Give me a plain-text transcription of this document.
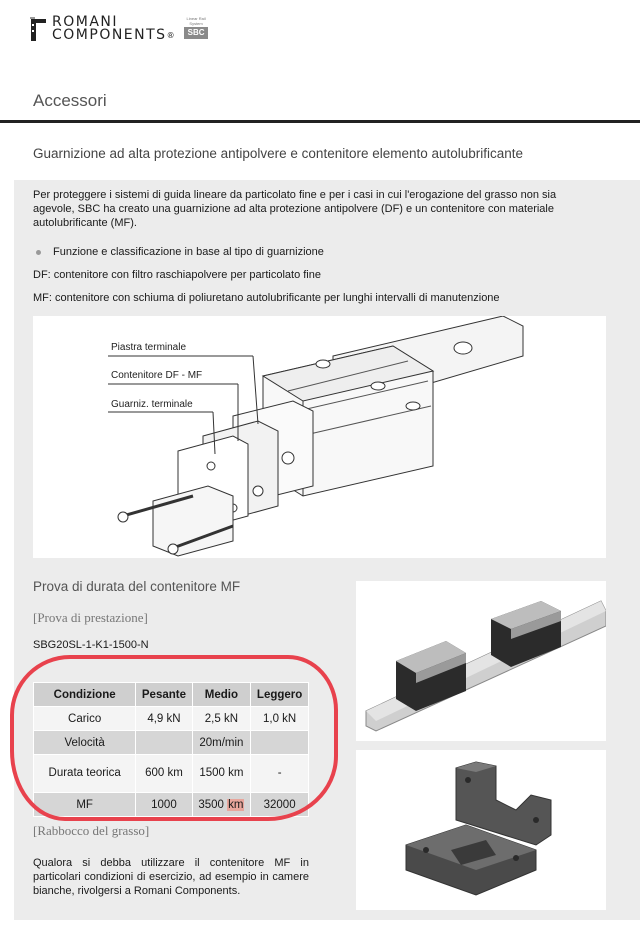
ROMANI
COMPONENTS®
Linear Rail System
SBC
Accessori
Guarnizione ad alta protezione antipolvere e contenitore elemento autolubrificante
Per proteggere i sistemi di guida lineare da particolato fine e per i casi in cui l'erogazione del grasso non sia agevole, SBC ha creato una guarnizione ad alta protezione antipolvere (DF) e un contenitore con materiale autolubrificante (MF).
Funzione e classificazione in base al tipo di guarnizione
DF: contenitore con filtro raschiapolvere per particolato fine
MF: contenitore con schiuma di poliuretano autolubrificante per lunghi intervalli di manutenzione
Piastra terminale
Contenitore DF - MF
Guarniz. terminale
Prova di durata del contenitore MF
[Prova di prestazione]
SBG20SL-1-K1-1500-N
Condizione	Pesante	Medio	Leggero
Carico	4,9 kN	2,5 kN	1,0 kN
Velocità		20m/min	
Durata teorica	600 km	1500 km	-
MF	1000	3500 km	32000
[Rabbocco del grasso]
Qualora si debba utilizzare il contenitore MF in particolari condizioni di esercizio, ad esempio in camere bianche, rivolgersi a Romani Components.
